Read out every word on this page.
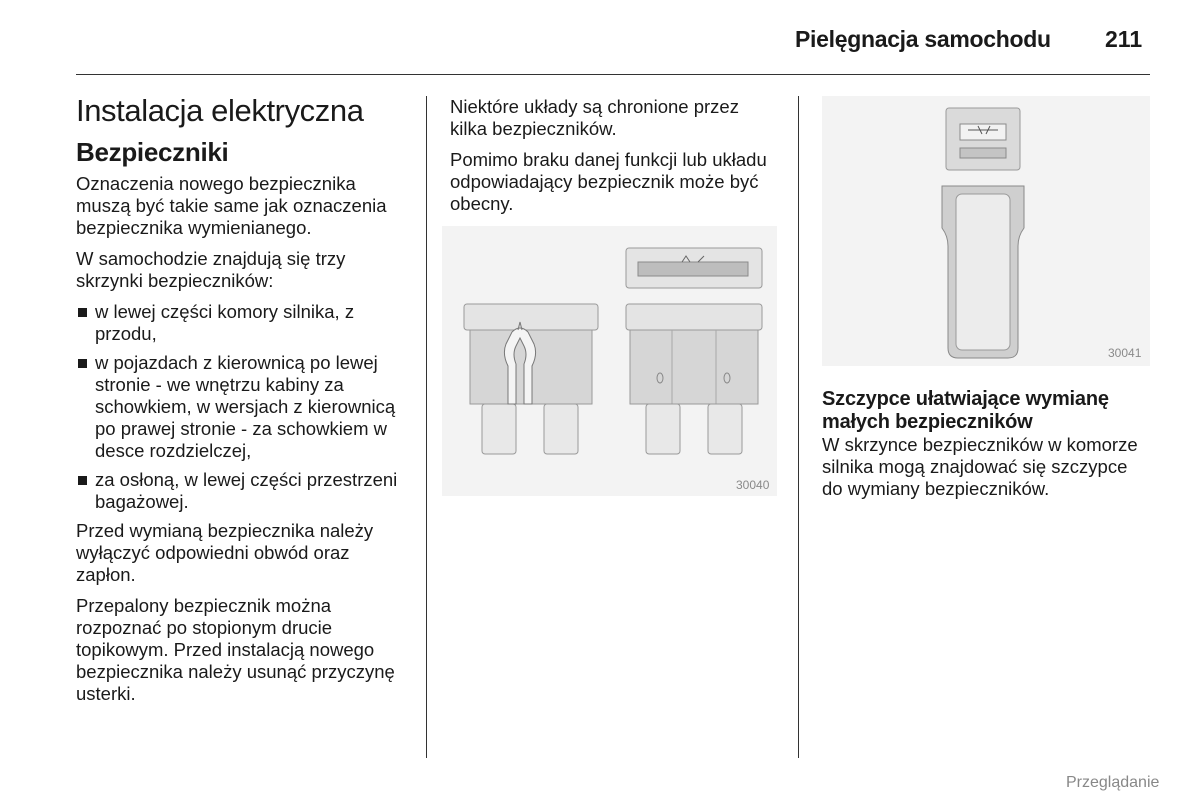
Pielęgnacja samochodu 211
Instalacja elektryczna
Bezpieczniki

Oznaczenia nowego bezpiecznika muszą być takie same jak oznaczenia bezpiecznika wymienianego.

W samochodzie znajdują się trzy skrzynki bezpieczników:

w lewej części komory silnika, z przodu,
w pojazdach z kierownicą po lewej stronie - we wnętrzu kabiny za schowkiem, w wersjach z kierownicą po prawej stronie - za schowkiem w desce rozdzielczej,
za osłoną, w lewej części przestrzeni bagażowej.

Przed wymianą bezpiecznika należy wyłączyć odpowiedni obwód oraz zapłon.

Przepalony bezpiecznik można rozpoznać po stopionym drucie topikowym. Przed instalacją nowego bezpiecznika należy usunąć przyczynę usterki.

Niektóre układy są chronione przez kilka bezpieczników.

Pomimo braku danej funkcji lub układu odpowiadający bezpiecznik może być obecny.

30040
30041
Szczypce ułatwiające wymianę małych bezpieczników

W skrzynce bezpieczników w komorze silnika mogą znajdować się szczypce do wymiany bezpieczników.

Przeglądanie
